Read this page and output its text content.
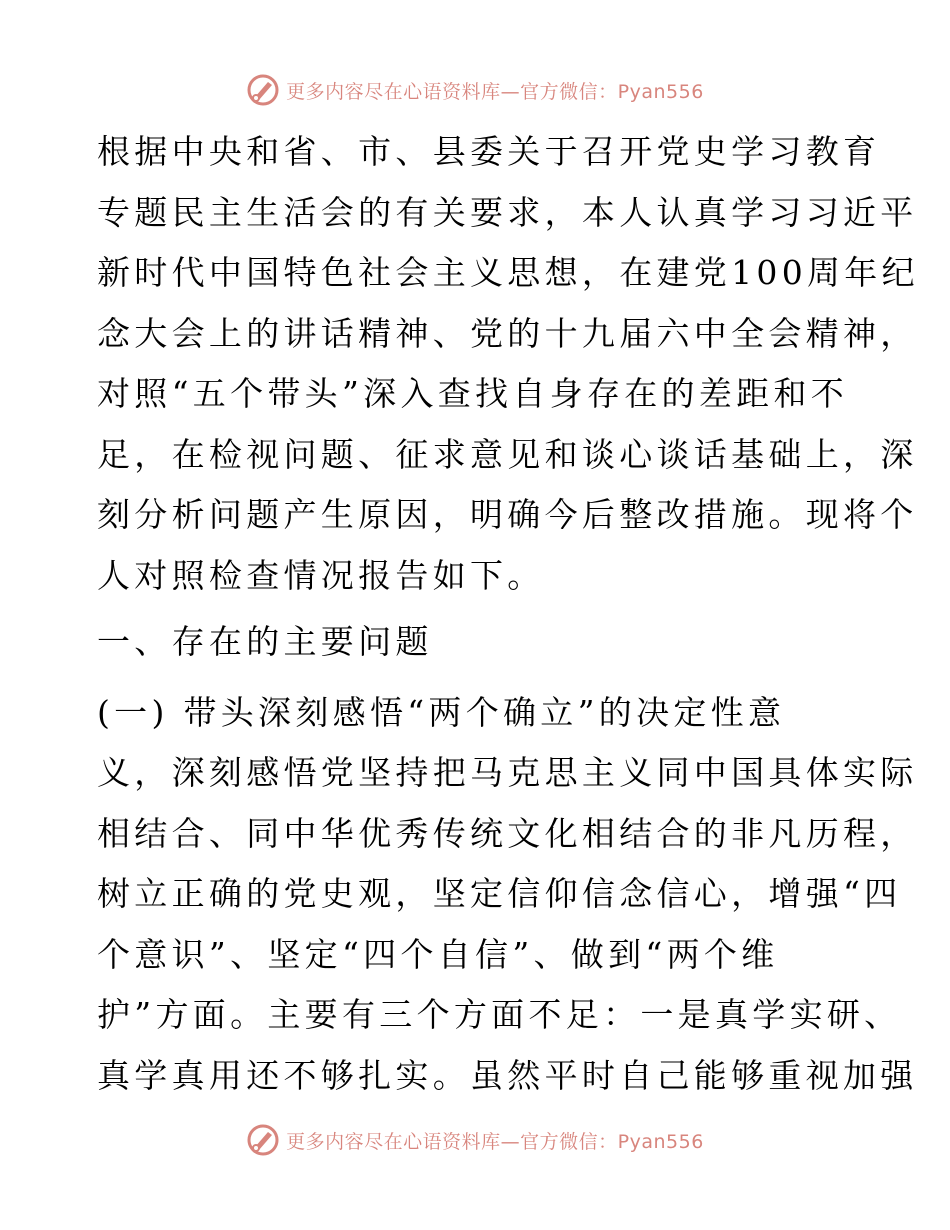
更多内容尽在心语资料库—官方微信：Pyan556
根据中央和省、市、县委关于召开党史学习教育
专题民主生活会的有关要求，本人认真学习习近平
新时代中国特色社会主义思想，在建党100周年纪
念大会上的讲话精神、党的十九届六中全会精神，
对照“五个带头”深入查找自身存在的差距和不
足，在检视问题、征求意见和谈心谈话基础上，深
刻分析问题产生原因，明确今后整改措施。现将个
人对照检查情况报告如下。
一、存在的主要问题
(一) 带头深刻感悟“两个确立”的决定性意
义，深刻感悟党坚持把马克思主义同中国具体实际
相结合、同中华优秀传统文化相结合的非凡历程，
树立正确的党史观，坚定信仰信念信心，增强“四
个意识”、坚定“四个自信”、做到“两个维
护”方面。主要有三个方面不足：一是真学实研、
真学真用还不够扎实。虽然平时自己能够重视加强
更多内容尽在心语资料库—官方微信：Pyan556
